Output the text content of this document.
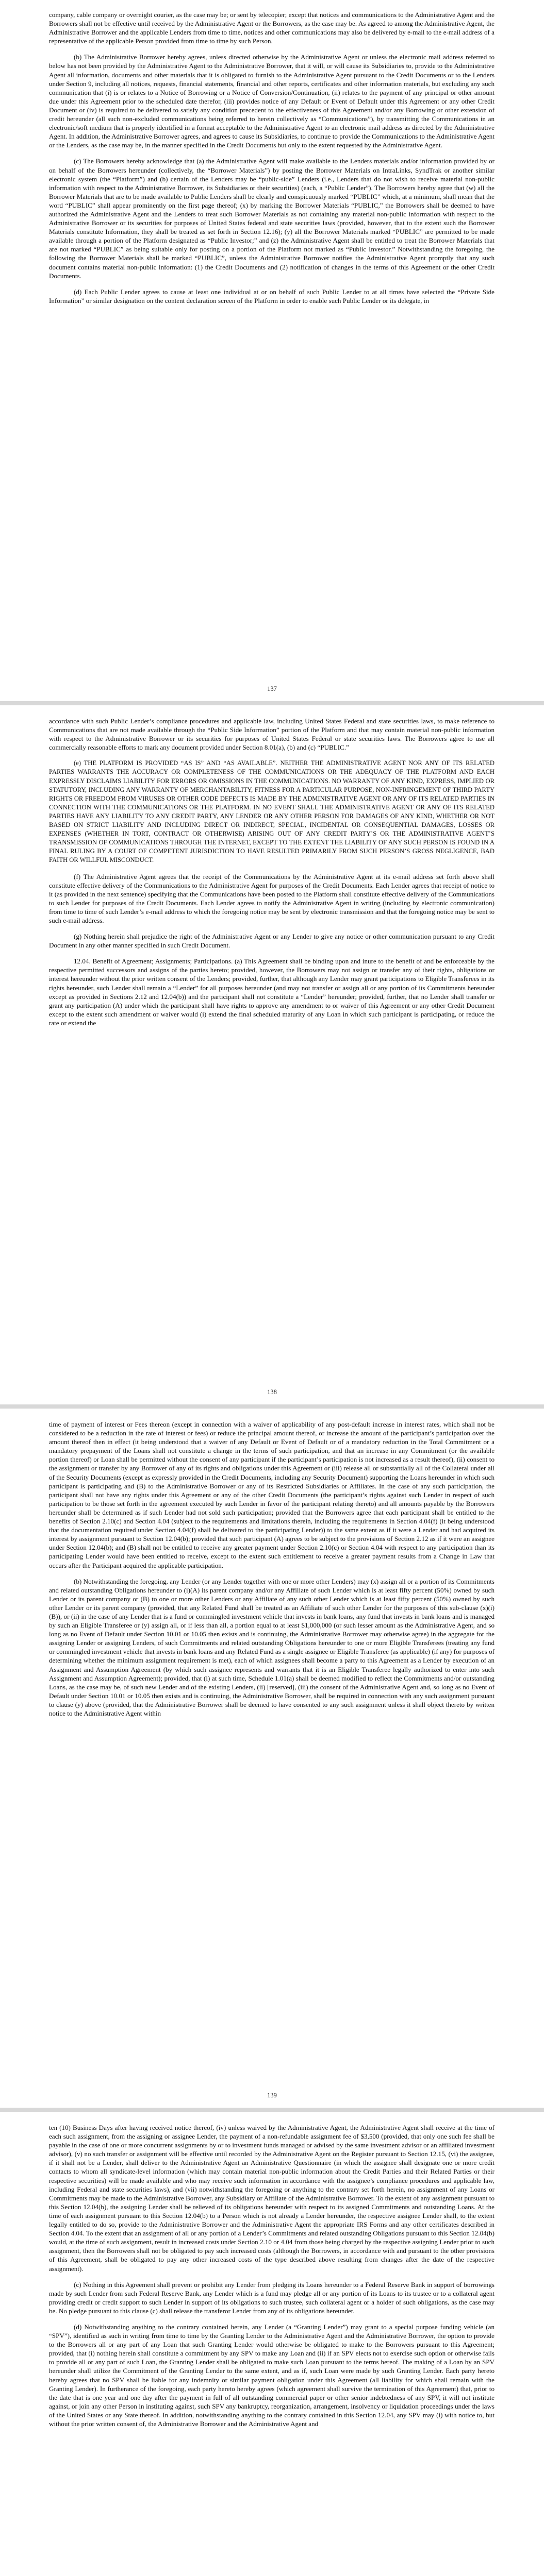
company, cable company or overnight courier, as the case may be; or sent by telecopier; except that notices and communications to the Administrative Agent and the Borrowers shall not be effective until received by the Administrative Agent or the Borrowers, as the case may be. As agreed to among the Administrative Agent, the Administrative Borrower and the applicable Lenders from time to time, notices and other communications may also be delivered by e-mail to the e-mail address of a representative of the applicable Person provided from time to time by such Person.

(b) The Administrative Borrower hereby agrees, unless directed otherwise by the Administrative Agent or unless the electronic mail address referred to below has not been provided by the Administrative Agent to the Administrative Borrower, that it will, or will cause its Subsidiaries to, provide to the Administrative Agent all information, documents and other materials that it is obligated to furnish to the Administrative Agent pursuant to the Credit Documents or to the Lenders under Section 9, including all notices, requests, financial statements, financial and other reports, certificates and other information materials, but excluding any such communication that (i) is or relates to a Notice of Borrowing or a Notice of Conversion/Continuation, (ii) relates to the payment of any principal or other amount due under this Agreement prior to the scheduled date therefor, (iii) provides notice of any Default or Event of Default under this Agreement or any other Credit Document or (iv) is required to be delivered to satisfy any condition precedent to the effectiveness of this Agreement and/or any Borrowing or other extension of credit hereunder (all such non-excluded communications being referred to herein collectively as “Communications”), by transmitting the Communications in an electronic/soft medium that is properly identified in a format acceptable to the Administrative Agent to an electronic mail address as directed by the Administrative Agent. In addition, the Administrative Borrower agrees, and agrees to cause its Subsidiaries, to continue to provide the Communications to the Administrative Agent or the Lenders, as the case may be, in the manner specified in the Credit Documents but only to the extent requested by the Administrative Agent.

(c) The Borrowers hereby acknowledge that (a) the Administrative Agent will make available to the Lenders materials and/or information provided by or on behalf of the Borrowers hereunder (collectively, the “Borrower Materials”) by posting the Borrower Materials on IntraLinks, SyndTrak or another similar electronic system (the “Platform”) and (b) certain of the Lenders may be “public-side” Lenders (i.e., Lenders that do not wish to receive material non-public information with respect to the Administrative Borrower, its Subsidiaries or their securities) (each, a “Public Lender”). The Borrowers hereby agree that (w) all the Borrower Materials that are to be made available to Public Lenders shall be clearly and conspicuously marked “PUBLIC” which, at a minimum, shall mean that the word “PUBLIC” shall appear prominently on the first page thereof; (x) by marking the Borrower Materials “PUBLIC,” the Borrowers shall be deemed to have authorized the Administrative Agent and the Lenders to treat such Borrower Materials as not containing any material non-public information with respect to the Administrative Borrower or its securities for purposes of United States federal and state securities laws (provided, however, that to the extent such the Borrower Materials constitute Information, they shall be treated as set forth in Section 12.16); (y) all the Borrower Materials marked “PUBLIC” are permitted to be made available through a portion of the Platform designated as “Public Investor;” and (z) the Administrative Agent shall be entitled to treat the Borrower Materials that are not marked “PUBLIC” as being suitable only for posting on a portion of the Platform not marked as “Public Investor.” Notwithstanding the foregoing, the following the Borrower Materials shall be marked “PUBLIC”, unless the Administrative Borrower notifies the Administrative Agent promptly that any such document contains material non-public information: (1) the Credit Documents and (2) notification of changes in the terms of this Agreement or the other Credit Documents.

(d) Each Public Lender agrees to cause at least one individual at or on behalf of such Public Lender to at all times have selected the “Private Side Information” or similar designation on the content declaration screen of the Platform in order to enable such Public Lender or its delegate, in

137

accordance with such Public Lender’s compliance procedures and applicable law, including United States Federal and state securities laws, to make reference to Communications that are not made available through the “Public Side Information” portion of the Platform and that may contain material non-public information with respect to the Administrative Borrower or its securities for purposes of United States Federal or state securities laws. The Borrowers agree to use all commercially reasonable efforts to mark any document provided under Section 8.01(a), (b) and (c) “PUBLIC.”

(e) THE PLATFORM IS PROVIDED “AS IS” AND “AS AVAILABLE”. NEITHER THE ADMINISTRATIVE AGENT NOR ANY OF ITS RELATED PARTIES WARRANTS THE ACCURACY OR COMPLETENESS OF THE COMMUNICATIONS OR THE ADEQUACY OF THE PLATFORM AND EACH EXPRESSLY DISCLAIMS LIABILITY FOR ERRORS OR OMISSIONS IN THE COMMUNICATIONS. NO WARRANTY OF ANY KIND, EXPRESS, IMPLIED OR STATUTORY, INCLUDING ANY WARRANTY OF MERCHANTABILITY, FITNESS FOR A PARTICULAR PURPOSE, NON-INFRINGEMENT OF THIRD PARTY RIGHTS OR FREEDOM FROM VIRUSES OR OTHER CODE DEFECTS IS MADE BY THE ADMINISTRATIVE AGENT OR ANY OF ITS RELATED PARTIES IN CONNECTION WITH THE COMMUNICATIONS OR THE PLATFORM. IN NO EVENT SHALL THE ADMINISTRATIVE AGENT OR ANY OF ITS RELATED PARTIES HAVE ANY LIABILITY TO ANY CREDIT PARTY, ANY LENDER OR ANY OTHER PERSON FOR DAMAGES OF ANY KIND, WHETHER OR NOT BASED ON STRICT LIABILITY AND INCLUDING DIRECT OR INDIRECT, SPECIAL, INCIDENTAL OR CONSEQUENTIAL DAMAGES, LOSSES OR EXPENSES (WHETHER IN TORT, CONTRACT OR OTHERWISE) ARISING OUT OF ANY CREDIT PARTY’S OR THE ADMINISTRATIVE AGENT’S TRANSMISSION OF COMMUNICATIONS THROUGH THE INTERNET, EXCEPT TO THE EXTENT THE LIABILITY OF ANY SUCH PERSON IS FOUND IN A FINAL RULING BY A COURT OF COMPETENT JURISDICTION TO HAVE RESULTED PRIMARILY FROM SUCH PERSON’S GROSS NEGLIGENCE, BAD FAITH OR WILLFUL MISCONDUCT.

(f) The Administrative Agent agrees that the receipt of the Communications by the Administrative Agent at its e-mail address set forth above shall constitute effective delivery of the Communications to the Administrative Agent for purposes of the Credit Documents. Each Lender agrees that receipt of notice to it (as provided in the next sentence) specifying that the Communications have been posted to the Platform shall constitute effective delivery of the Communications to such Lender for purposes of the Credit Documents. Each Lender agrees to notify the Administrative Agent in writing (including by electronic communication) from time to time of such Lender’s e-mail address to which the foregoing notice may be sent by electronic transmission and that the foregoing notice may be sent to such e-mail address.

(g) Nothing herein shall prejudice the right of the Administrative Agent or any Lender to give any notice or other communication pursuant to any Credit Document in any other manner specified in such Credit Document.

12.04. Benefit of Agreement; Assignments; Participations. (a) This Agreement shall be binding upon and inure to the benefit of and be enforceable by the respective permitted successors and assigns of the parties hereto; provided, however, the Borrowers may not assign or transfer any of their rights, obligations or interest hereunder without the prior written consent of the Lenders; provided, further, that although any Lender may grant participations to Eligible Transferees in its rights hereunder, such Lender shall remain a “Lender” for all purposes hereunder (and may not transfer or assign all or any portion of its Commitments hereunder except as provided in Sections 2.12 and 12.04(b)) and the participant shall not constitute a “Lender” hereunder; provided, further, that no Lender shall transfer or grant any participation (A) under which the participant shall have rights to approve any amendment to or waiver of this Agreement or any other Credit Document except to the extent such amendment or waiver would (i) extend the final scheduled maturity of any Loan in which such participant is participating, or reduce the rate or extend the

138

time of payment of interest or Fees thereon (except in connection with a waiver of applicability of any post-default increase in interest rates, which shall not be considered to be a reduction in the rate of interest or fees) or reduce the principal amount thereof, or increase the amount of the participant’s participation over the amount thereof then in effect (it being understood that a waiver of any Default or Event of Default or of a mandatory reduction in the Total Commitment or a mandatory prepayment of the Loans shall not constitute a change in the terms of such participation, and that an increase in any Commitment (or the available portion thereof) or Loan shall be permitted without the consent of any participant if the participant’s participation is not increased as a result thereof), (ii) consent to the assignment or transfer by any Borrower of any of its rights and obligations under this Agreement or (iii) release all or substantially all of the Collateral under all of the Security Documents (except as expressly provided in the Credit Documents, including any Security Document) supporting the Loans hereunder in which such participant is participating and (B) to the Administrative Borrower or any of its Restricted Subsidiaries or Affiliates. In the case of any such participation, the participant shall not have any rights under this Agreement or any of the other Credit Documents (the participant’s rights against such Lender in respect of such participation to be those set forth in the agreement executed by such Lender in favor of the participant relating thereto) and all amounts payable by the Borrowers hereunder shall be determined as if such Lender had not sold such participation; provided that the Borrowers agree that each participant shall be entitled to the benefits of Section 2.10(c) and Section 4.04 (subject to the requirements and limitations therein, including the requirements in Section 4.04(f) (it being understood that the documentation required under Section 4.04(f) shall be delivered to the participating Lender)) to the same extent as if it were a Lender and had acquired its interest by assignment pursuant to Section 12.04(b); provided that such participant (A) agrees to be subject to the provisions of Section 2.12 as if it were an assignee under Section 12.04(b); and (B) shall not be entitled to receive any greater payment under Section 2.10(c) or Section 4.04 with respect to any participation than its participating Lender would have been entitled to receive, except to the extent such entitlement to receive a greater payment results from a Change in Law that occurs after the Participant acquired the applicable participation.

(b) Notwithstanding the foregoing, any Lender (or any Lender together with one or more other Lenders) may (x) assign all or a portion of its Commitments and related outstanding Obligations hereunder to (i)(A) its parent company and/or any Affiliate of such Lender which is at least fifty percent (50%) owned by such Lender or its parent company or (B) to one or more other Lenders or any Affiliate of any such other Lender which is at least fifty percent (50%) owned by such other Lender or its parent company (provided, that any Related Fund shall be treated as an Affiliate of such other Lender for the purposes of this sub-clause (x)(i)(B)), or (ii) in the case of any Lender that is a fund or commingled investment vehicle that invests in bank loans, any fund that invests in bank loans and is managed by such an Eligible Transferee or (y) assign all, or if less than all, a portion equal to at least $1,000,000 (or such lesser amount as the Administrative Agent, and so long as no Event of Default under Section 10.01 or 10.05 then exists and is continuing, the Administrative Borrower may otherwise agree) in the aggregate for the assigning Lender or assigning Lenders, of such Commitments and related outstanding Obligations hereunder to one or more Eligible Transferees (treating any fund or commingled investment vehicle that invests in bank loans and any Related Fund as a single assignee or Eligible Transferee (as applicable) (if any) for purposes of determining whether the minimum assignment requirement is met), each of which assignees shall become a party to this Agreement as a Lender by execution of an Assignment and Assumption Agreement (by which such assignee represents and warrants that it is an Eligible Transferee legally authorized to enter into such Assignment and Assumption Agreement); provided, that (i) at such time, Schedule 1.01(a) shall be deemed modified to reflect the Commitments and/or outstanding Loans, as the case may be, of such new Lender and of the existing Lenders, (ii) [reserved], (iii) the consent of the Administrative Agent and, so long as no Event of Default under Section 10.01 or 10.05 then exists and is continuing, the Administrative Borrower, shall be required in connection with any such assignment pursuant to clause (y) above (provided, that the Administrative Borrower shall be deemed to have consented to any such assignment unless it shall object thereto by written notice to the Administrative Agent within

139

ten (10) Business Days after having received notice thereof, (iv) unless waived by the Administrative Agent, the Administrative Agent shall receive at the time of each such assignment, from the assigning or assignee Lender, the payment of a non-refundable assignment fee of $3,500 (provided, that only one such fee shall be payable in the case of one or more concurrent assignments by or to investment funds managed or advised by the same investment advisor or an affiliated investment advisor), (v) no such transfer or assignment will be effective until recorded by the Administrative Agent on the Register pursuant to Section 12.15, (vi) the assignee, if it shall not be a Lender, shall deliver to the Administrative Agent an Administrative Questionnaire (in which the assignee shall designate one or more credit contacts to whom all syndicate-level information (which may contain material non-public information about the Credit Parties and their Related Parties or their respective securities) will be made available and who may receive such information in accordance with the assignee’s compliance procedures and applicable law, including Federal and state securities laws), and (vii) notwithstanding the foregoing or anything to the contrary set forth herein, no assignment of any Loans or Commitments may be made to the Administrative Borrower, any Subsidiary or Affiliate of the Administrative Borrower. To the extent of any assignment pursuant to this Section 12.04(b), the assigning Lender shall be relieved of its obligations hereunder with respect to its assigned Commitments and outstanding Loans. At the time of each assignment pursuant to this Section 12.04(b) to a Person which is not already a Lender hereunder, the respective assignee Lender shall, to the extent legally entitled to do so, provide to the Administrative Borrower and the Administrative Agent the appropriate IRS Forms and any other certificates described in Section 4.04. To the extent that an assignment of all or any portion of a Lender’s Commitments and related outstanding Obligations pursuant to this Section 12.04(b) would, at the time of such assignment, result in increased costs under Section 2.10 or 4.04 from those being charged by the respective assigning Lender prior to such assignment, then the Borrowers shall not be obligated to pay such increased costs (although the Borrowers, in accordance with and pursuant to the other provisions of this Agreement, shall be obligated to pay any other increased costs of the type described above resulting from changes after the date of the respective assignment).

(c) Nothing in this Agreement shall prevent or prohibit any Lender from pledging its Loans hereunder to a Federal Reserve Bank in support of borrowings made by such Lender from such Federal Reserve Bank, any Lender which is a fund may pledge all or any portion of its Loans to its trustee or to a collateral agent providing credit or credit support to such Lender in support of its obligations to such trustee, such collateral agent or a holder of such obligations, as the case may be. No pledge pursuant to this clause (c) shall release the transferor Lender from any of its obligations hereunder.

(d) Notwithstanding anything to the contrary contained herein, any Lender (a “Granting Lender”) may grant to a special purpose funding vehicle (an “SPV”), identified as such in writing from time to time by the Granting Lender to the Administrative Agent and the Administrative Borrower, the option to provide to the Borrowers all or any part of any Loan that such Granting Lender would otherwise be obligated to make to the Borrowers pursuant to this Agreement; provided, that (i) nothing herein shall constitute a commitment by any SPV to make any Loan and (ii) if an SPV elects not to exercise such option or otherwise fails to provide all or any part of such Loan, the Granting Lender shall be obligated to make such Loan pursuant to the terms hereof. The making of a Loan by an SPV hereunder shall utilize the Commitment of the Granting Lender to the same extent, and as if, such Loan were made by such Granting Lender. Each party hereto hereby agrees that no SPV shall be liable for any indemnity or similar payment obligation under this Agreement (all liability for which shall remain with the Granting Lender). In furtherance of the foregoing, each party hereto hereby agrees (which agreement shall survive the termination of this Agreement) that, prior to the date that is one year and one day after the payment in full of all outstanding commercial paper or other senior indebtedness of any SPV, it will not institute against, or join any other Person in instituting against, such SPV any bankruptcy, reorganization, arrangement, insolvency or liquidation proceedings under the laws of the United States or any State thereof. In addition, notwithstanding anything to the contrary contained in this Section 12.04, any SPV may (i) with notice to, but without the prior written consent of, the Administrative Borrower and the Administrative Agent and
